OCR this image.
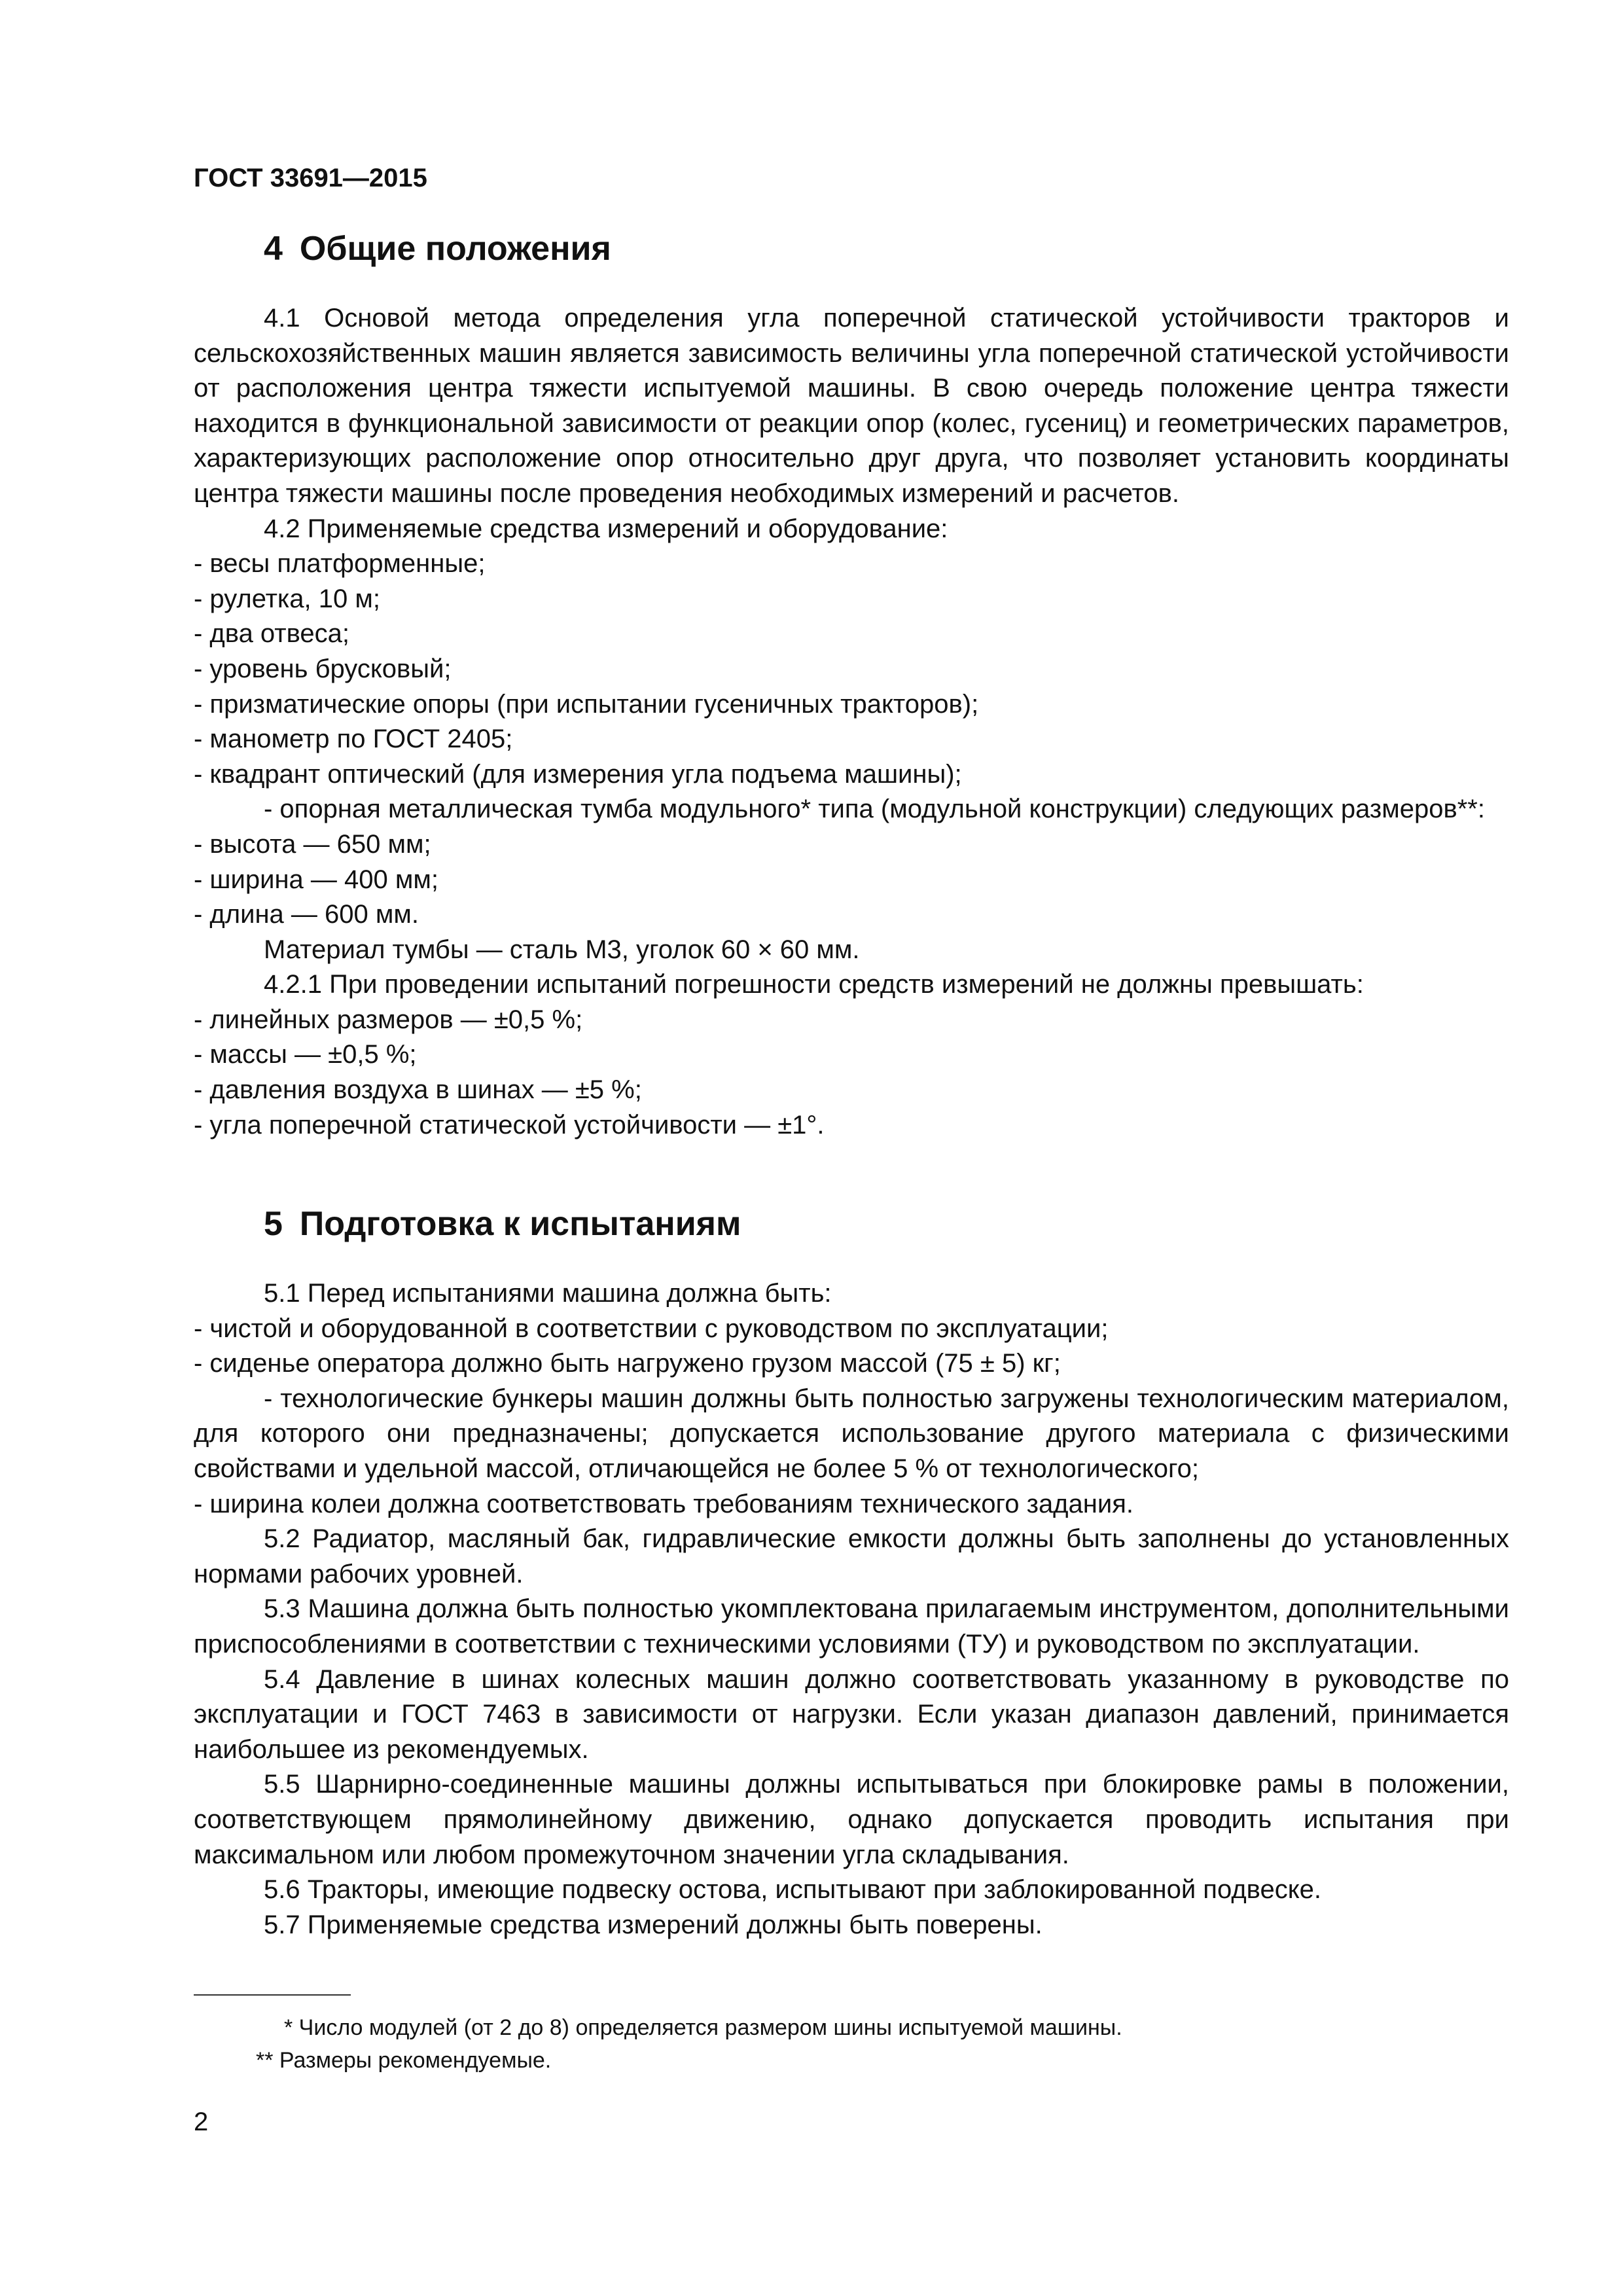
ГОСТ 33691—2015
4 Общие положения

4.1 Основой метода определения угла поперечной статической устойчивости тракторов и сельскохозяйственных машин является зависимость величины угла поперечной статической устойчивости от расположения центра тяжести испытуемой машины. В свою очередь положение центра тяжести находится в функциональной зависимости от реакции опор (колес, гусениц) и геометрических параметров, характеризующих расположение опор относительно друг друга, что позволяет установить координаты центра тяжести машины после проведения необходимых измерений и расчетов.

4.2 Применяемые средства измерений и оборудование:

- весы платформенные;

- рулетка, 10 м;

- два отвеса;

- уровень брусковый;

- призматические опоры (при испытании гусеничных тракторов);

- манометр по ГОСТ 2405;

- квадрант оптический (для измерения угла подъема машины);

- опорная металлическая тумба модульного* типа (модульной конструкции) следующих размеров**:

- высота — 650 мм;

- ширина — 400 мм;

- длина — 600 мм.

Материал тумбы — сталь М3, уголок 60 × 60 мм.

4.2.1 При проведении испытаний погрешности средств измерений не должны превышать:

- линейных размеров — ±0,5 %;

- массы — ±0,5 %;

- давления воздуха в шинах — ±5 %;

- угла поперечной статической устойчивости — ±1°.

5 Подготовка к испытаниям

5.1 Перед испытаниями машина должна быть:

- чистой и оборудованной в соответствии с руководством по эксплуатации;

- сиденье оператора должно быть нагружено грузом массой (75 ± 5) кг;

- технологические бункеры машин должны быть полностью загружены технологическим материалом, для которого они предназначены; допускается использование другого материала с физическими свойствами и удельной массой, отличающейся не более 5 % от технологического;

- ширина колеи должна соответствовать требованиям технического задания.

5.2 Радиатор, масляный бак, гидравлические емкости должны быть заполнены до установленных нормами рабочих уровней.

5.3 Машина должна быть полностью укомплектована прилагаемым инструментом, дополнительными приспособлениями в соответствии с техническими условиями (ТУ) и руководством по эксплуатации.

5.4 Давление в шинах колесных машин должно соответствовать указанному в руководстве по эксплуатации и ГОСТ 7463 в зависимости от нагрузки. Если указан диапазон давлений, принимается наибольшее из рекомендуемых.

5.5 Шарнирно-соединенные машины должны испытываться при блокировке рамы в положении, соответствующем прямолинейному движению, однако допускается проводить испытания при максимальном или любом промежуточном значении угла складывания.

5.6 Тракторы, имеющие подвеску остова, испытывают при заблокированной подвеске.

5.7 Применяемые средства измерений должны быть поверены.

* Число модулей (от 2 до 8) определяется размером шины испытуемой машины.
** Размеры рекомендуемые.
2
